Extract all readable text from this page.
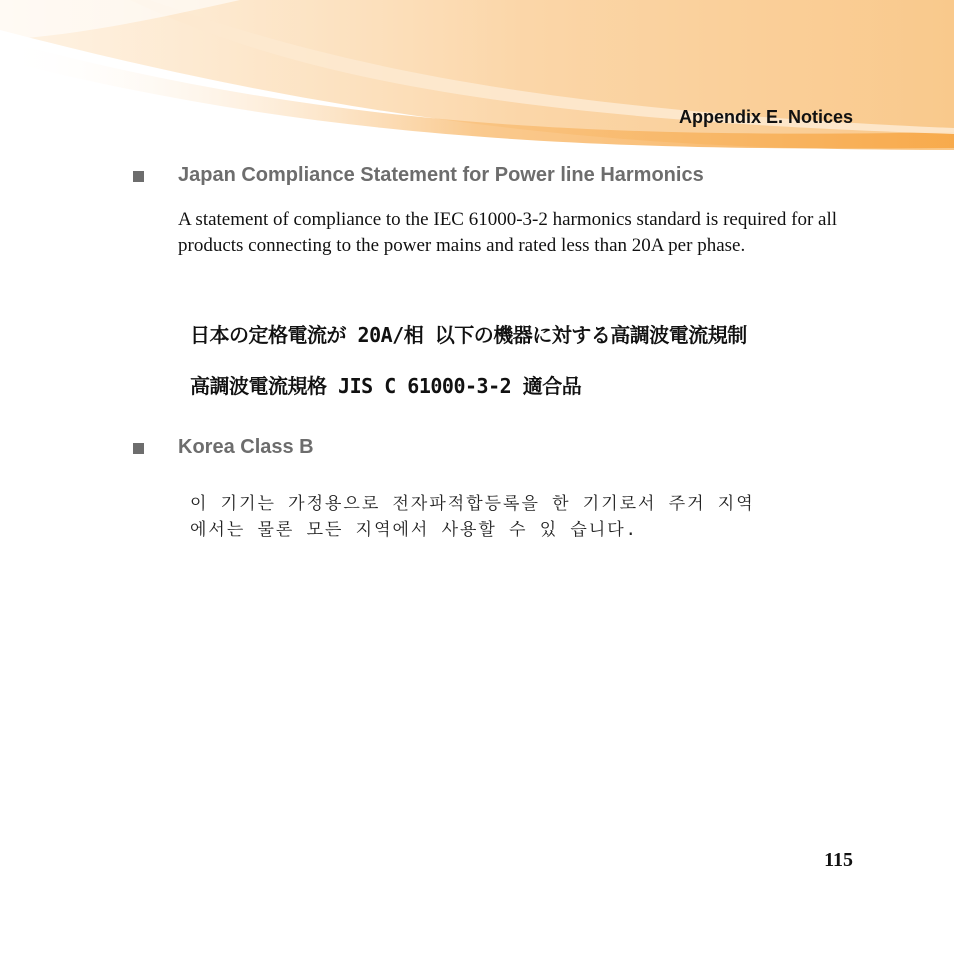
Appendix E. Notices
Japan Compliance Statement for Power line Harmonics
A statement of compliance to the IEC 61000-3-2 harmonics standard is required for all products connecting to the power mains and rated less than 20A per phase.
日本の定格電流が 20A/相 以下の機器に対する高調波電流規制
高調波電流規格 JIS C 61000-3-2 適合品
Korea Class B
이 기기는 가정용으로 전자파적합등록을 한 기기로서 주거 지역
에서는 물론 모든 지역에서 사용할 수 있 습니다.
115
